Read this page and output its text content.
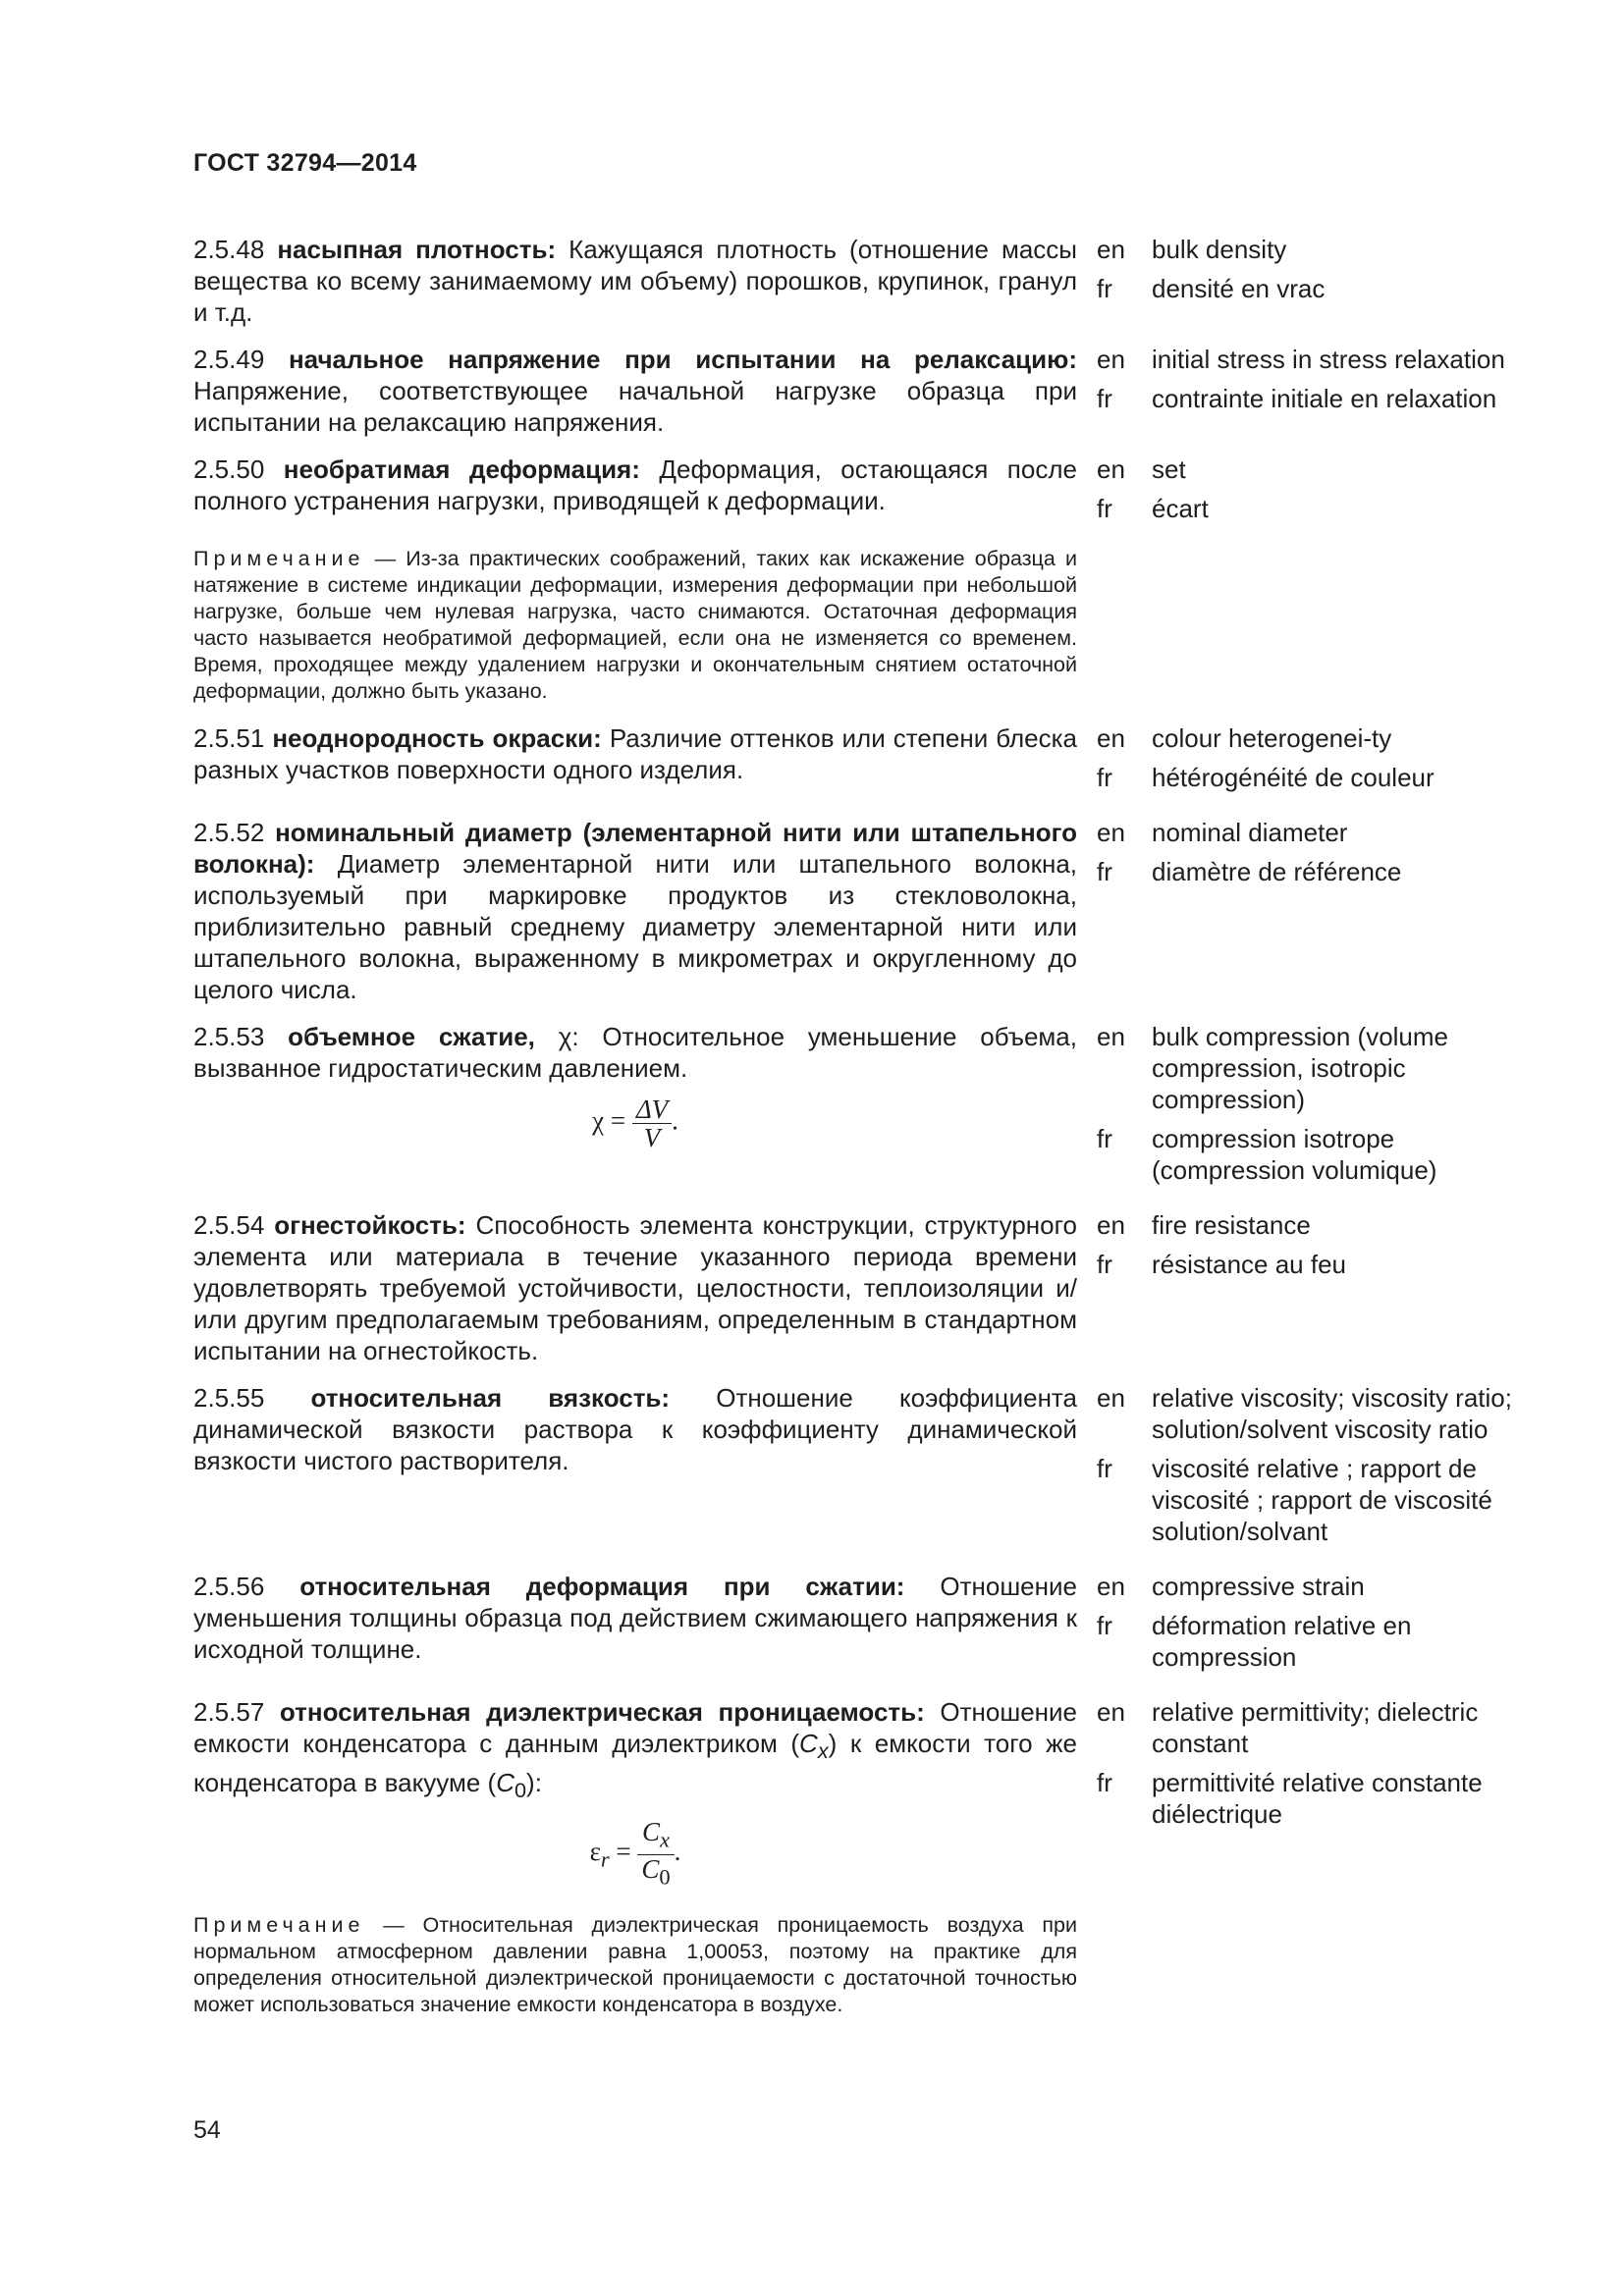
ГОСТ 32794—2014

2.5.48 насыпная плотность: Кажущаяся плотность (отношение массы вещества ко всему занимаемому им объему) порошков, крупинок, гранул и т.д.

en	bulk density
fr	densité en vrac

2.5.49 начальное напряжение при испытании на релаксацию: Напряжение, соответствующее начальной нагрузке образца при испытании на релаксацию напряжения.

en	initial stress in stress relaxation
fr	contrainte initiale en relaxation

2.5.50 необратимая деформация: Деформация, остающаяся после полного устранения нагрузки, приводящей к деформации.

en	set
fr	écart
Примечание — Из-за практических соображений, таких как искажение образца и натяжение в системе индикации деформации, измерения деформации при небольшой нагрузке, больше чем нулевая нагрузка, часто снимаются. Остаточная деформация часто называется необратимой деформацией, если она не изменяется со временем. Время, проходящее между удалением нагрузки и окончательным снятием остаточной деформации, должно быть указано.

2.5.51 неоднородность окраски: Различие оттенков или степени блеска разных участков поверхности одного изделия.

en	colour heterogenei-ty
fr	hétérogénéité de couleur

2.5.52 номинальный диаметр (элементарной нити или штапельного волокна): Диаметр элементарной нити или штапельного волокна, используемый при маркировке продуктов из стекловолокна, приблизительно равный среднему диаметру элементарной нити или штапельного волокна, выраженному в микрометрах и округленному до целого числа.

en	nominal diameter
fr	diamètre de référence

2.5.53 объемное сжатие, χ: Относительное уменьшение объема, вызванное гидростатическим давлением.

$\chi = \frac{\Delta V}{V}$ .
en	bulk compression (volume compression, isotropic compression)
fr	compression isotrope (compression volumique)

2.5.54 огнестойкость: Способность элемента конструкции, структурного элемента или материала в течение указанного периода времени удовлетворять требуемой устойчивости, целостности, теплоизоляции и/или другим предполагаемым требованиям, определенным в стандартном испытании на огнестойкость.

en	fire resistance
fr	résistance au feu

2.5.55 относительная вязкость: Отношение коэффициента динамической вязкости раствора к коэффициенту динамической вязкости чистого растворителя.

en	relative viscosity; viscosity ratio; solution/solvent viscosity ratio
fr	viscosité relative ; rapport de viscosité ; rapport de viscosité solution/solvant

2.5.56 относительная деформация при сжатии: Отношение уменьшения толщины образца под действием сжимающего напряжения к исходной толщине.

en	compressive strain
fr	déformation relative en compression

2.5.57 относительная диэлектрическая проницаемость: Отношение емкости конденсатора с данным диэлектриком $(C_x)$ к емкости того же конденсатора в вакууме $(C_0)$:

$\varepsilon_r = \frac{C_x}{C_0}$ .
en	relative permittivity; dielectric constant
fr	permittivité relative constante diélectrique
Примечание — Относительная диэлектрическая проницаемость воздуха при нормальном атмосферном давлении равна 1,00053, поэтому на практике для определения относительной диэлектрической проницаемости с достаточной точностью может использоваться значение емкости конденсатора в воздухе.
54
